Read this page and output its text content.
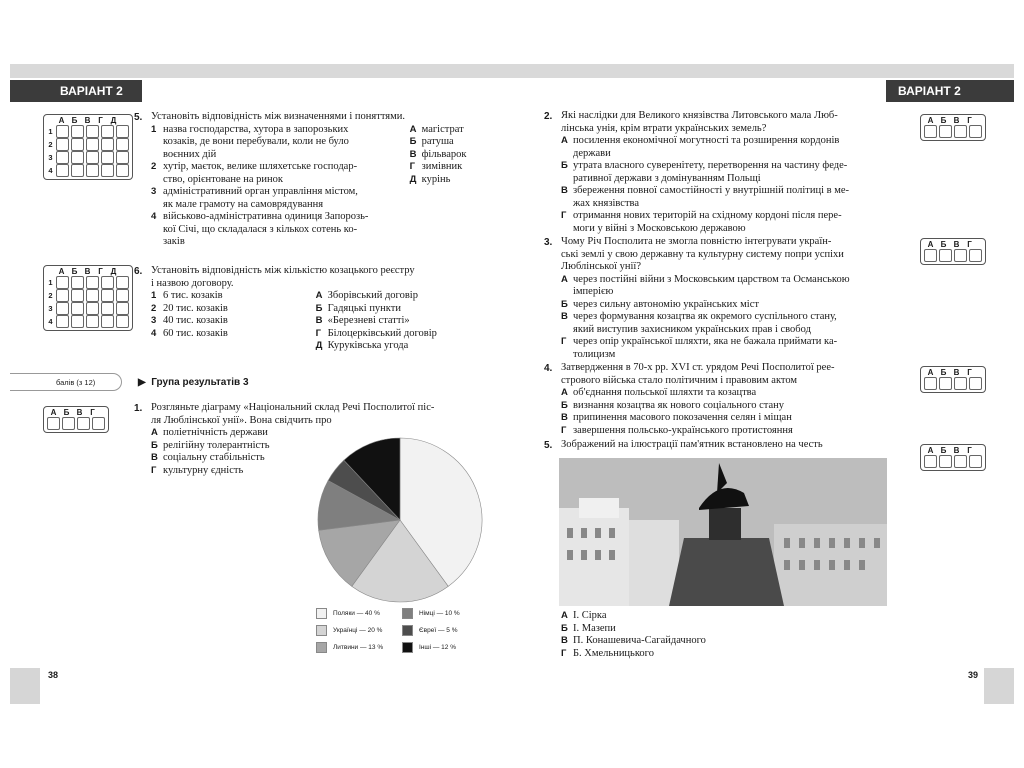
ВАРІАНТ 2	ВАРІАНТ 2
А Б В Г Д
1
2
3
4
5. Установіть відповідність між визначеннями і поняттями.
1 назва господарства, хутора в запорозьких
козаків, де вони перебували, коли не було
воєнних дій
2 хутір, маєток, велике шляхетське господар-
ство, орієнтоване на ринок
3 адміністративний орган управління містом,
як мале грамоту на самоврядування
4 військово-адміністративна одиниця Запорозь-
кої Січі, що складалася з кількох сотень ко-
заків

А магістрат
Б ратуша
В фільварок
Г зимівник
Д курінь
А Б В Г Д
1
2
3
4
6. Установіть відповідність між кількістю козацького реєстру
і назвою договору.
1 6 тис. козаків
2 20 тис. козаків
3 40 тис. козаків
4 60 тис. козаків

А Зборівський договір
Б Гадяцькі пункти
В «Березневі статті»
Г Білоцерківський договір
Д Куруківська угода
балів (з 12)	▶  Група результатів 3
А Б В Г	1. Розгляньте діаграму «Національний склад Речі Посполитої піс-
ля Люблінської унії». Вона свідчить про
А поліетнічність держави
Б релігійну толерантність
В соціальну стабільність
Г культурну єдність
Поляки — 40 %
Українці — 20 %
Литвини — 13 %
Німці — 10 %
Євреї — 5 %
Інші — 12 %
38
2. Які наслідки для Великого князівства Литовського мала Люб-
лінська унія, крім втрати українських земель?
А посилення економічної могутності та розширення кордонів
держави
Б утрата власного суверенітету, перетворення на частину феде-
ративної держави з домінуванням Польщі
В збереження повної самостійності у внутрішній політиці в ме-
жах князівства
Г отримання нових територій на східному кордоні після пере-
моги у війні з Московською державою
А Б В Г
3. Чому Річ Посполита не змогла повністю інтегрувати україн-
ські землі у свою державну та культурну систему попри успіхи
Люблінської унії?
А через постійні війни з Московським царством та Османською
імперією
Б через сильну автономію українських міст
В через формування козацтва як окремого суспільного стану,
який виступив захисником українських прав і свобод
Г через опір української шляхти, яка не бажала приймати ка-
толицизм
А Б В Г
4. Затвердження в 70-х рр. XVI ст. урядом Речі Посполитої рее-
стрового війська стало політичним і правовим актом
А об'єднання польської шляхти та козацтва
Б визнання козацтва як нового соціального стану
В припинення масового покозачення селян і міщан
Г завершення польсько-українського протистояння
А Б В Г
5. Зображений на ілюстрації пам'ятник встановлено на честь
А Б В Г
А І. Сірка
Б І. Мазепи
В П. Конашевича-Сагайдачного
Г Б. Хмельницького
39
